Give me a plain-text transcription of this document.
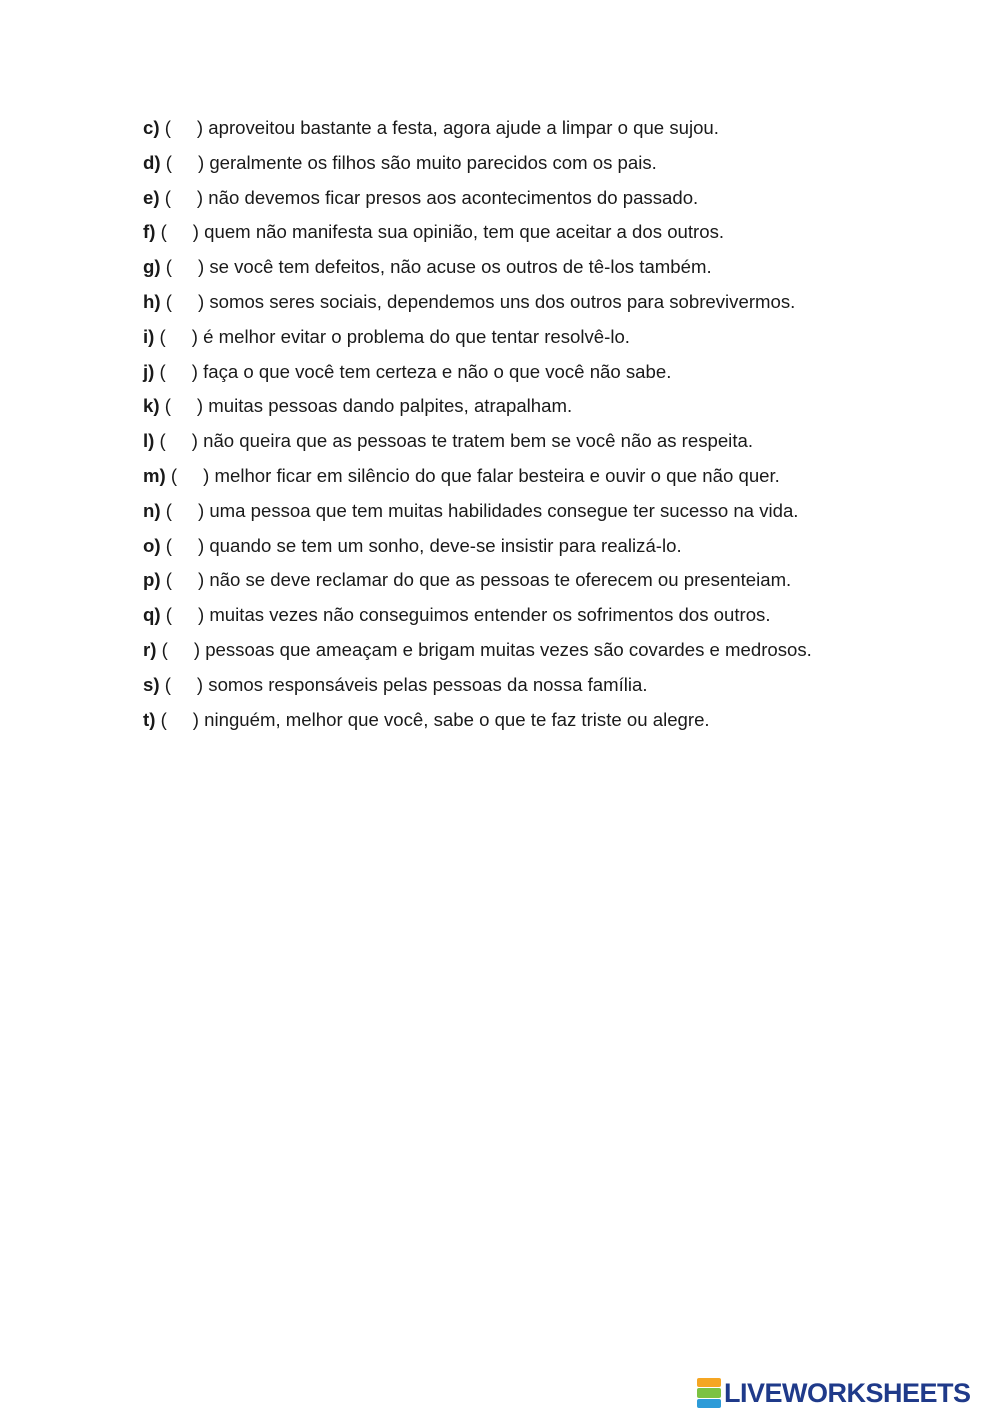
c) ( ) aproveitou bastante a festa, agora ajude a limpar o que sujou.
d) ( ) geralmente os filhos são muito parecidos com os pais.
e) ( ) não devemos ficar presos aos acontecimentos do passado.
f) ( ) quem não manifesta sua opinião, tem que aceitar a dos outros.
g) ( ) se você tem defeitos, não acuse os outros de tê-los também.
h) ( ) somos seres sociais, dependemos uns dos outros para sobrevivermos.
i) ( ) é melhor evitar o problema do que tentar resolvê-lo.
j) ( ) faça o que você tem certeza e não o que você não sabe.
k) ( ) muitas pessoas dando palpites, atrapalham.
l) ( ) não queira que as pessoas te tratem bem se você não as respeita.
m) ( ) melhor ficar em silêncio do que falar besteira e ouvir o que não quer.
n) ( ) uma pessoa que tem muitas habilidades consegue ter sucesso na vida.
o) ( ) quando se tem um sonho, deve-se insistir para realizá-lo.
p) ( ) não se deve reclamar do que as pessoas te oferecem ou presenteiam.
q) ( ) muitas vezes não conseguimos entender os sofrimentos dos outros.
r) ( ) pessoas que ameaçam e brigam muitas vezes são covardes e medrosos.
s) ( ) somos responsáveis pelas pessoas da nossa família.
t) ( ) ninguém, melhor que você, sabe o que te faz triste ou alegre.
LIVEWORKSHEETS
